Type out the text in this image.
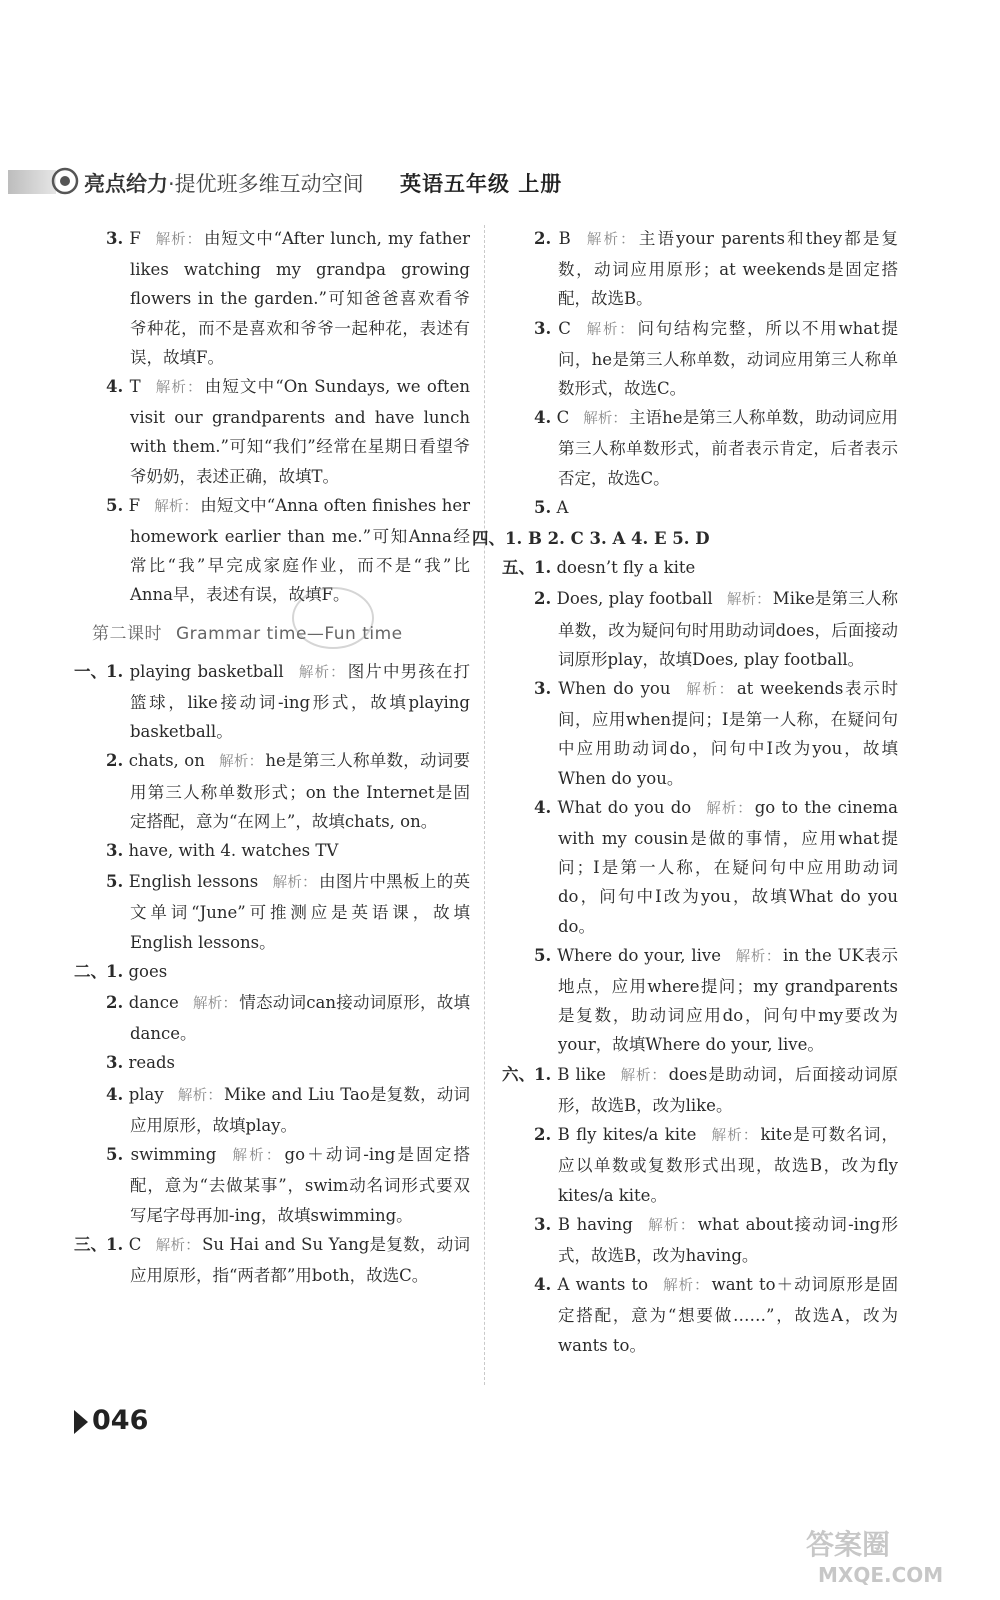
亮点给力·提优班多维互动空间 英语五年级 上册

3. F 解析： 由短文中“After lunch, my father likes watching my grandpa growing flowers in the garden.”可知爸爸喜欢看爷爷种花，而不是喜欢和爷爷一起种花，表述有误，故填F。

4. T 解析： 由短文中“On Sundays, we often visit our grandparents and have lunch with them.”可知“我们”经常在星期日看望爷爷奶奶，表述正确，故填T。

5. F 解析： 由短文中“Anna often finishes her homework earlier than me.”可知Anna经常比“我”早完成家庭作业，而不是“我”比Anna早，表述有误，故填F。

第二课时 Grammar time—Fun time

一、1. playing basketball 解析： 图片中男孩在打篮球，like接动词-ing形式，故填playing basketball。

2. chats, on 解析： he是第三人称单数，动词要用第三人称单数形式；on the Internet是固定搭配，意为“在网上”，故填chats, on。

3. have, with 4. watches TV

5. English lessons 解析： 由图片中黑板上的英文单词“June”可推测应是英语课，故填English lessons。

二、1. goes

2. dance 解析： 情态动词can接动词原形，故填dance。

3. reads

4. play 解析： Mike and Liu Tao是复数，动词应用原形，故填play。

5. swimming 解析： go＋动词-ing是固定搭配，意为“去做某事”，swim动名词形式要双写尾字母再加-ing，故填swimming。

三、1. C 解析： Su Hai and Su Yang是复数，动词应用原形，指“两者都”用both，故选C。

2. B 解析： 主语your parents和they都是复数，动词应用原形；at weekends是固定搭配，故选B。

3. C 解析： 问句结构完整，所以不用what提问，he是第三人称单数，动词应用第三人称单数形式，故选C。

4. C 解析： 主语he是第三人称单数，助动词应用第三人称单数形式，前者表示肯定，后者表示否定，故选C。

5. A

四、1. B 2. C 3. A 4. E 5. D

五、1. doesn’t fly a kite

2. Does, play football 解析： Mike是第三人称单数，改为疑问句时用助动词does，后面接动词原形play，故填Does, play football。

3. When do you 解析： at weekends表示时间，应用when提问；I是第一人称，在疑问句中应用助动词do，问句中I改为you，故填When do you。

4. What do you do 解析： go to the cinema with my cousin是做的事情，应用what提问；I是第一人称，在疑问句中应用助动词do，问句中I改为you，故填What do you do。

5. Where do your, live 解析： in the UK表示地点，应用where提问；my grandparents是复数，助动词应用do，问句中my要改为your，故填Where do your, live。

六、1. B like 解析： does是助动词，后面接动词原形，故选B，改为like。

2. B fly kites/a kite 解析： kite是可数名词，应以单数或复数形式出现，故选B，改为fly kites/a kite。

3. B having 解析： what about接动词-ing形式，故选B，改为having。

4. A wants to 解析： want to＋动词原形是固定搭配，意为“想要做……”，故选A，改为wants to。

046
答案圈
MXQE.COM
